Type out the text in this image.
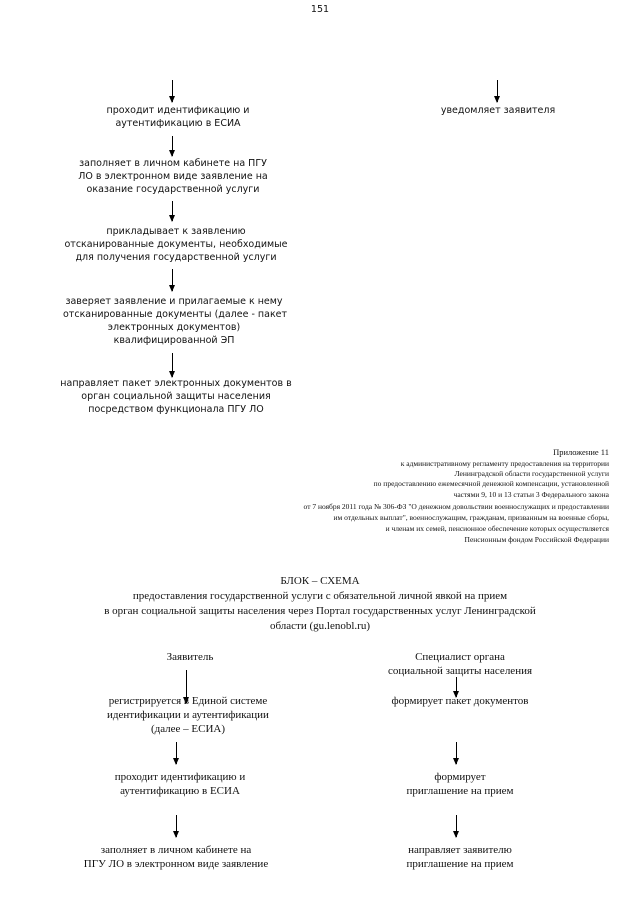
151
проходит идентификацию и
аутентификацию в ЕСИА
уведомляет заявителя
заполняет в личном кабинете на ПГУ
ЛО в электронном виде заявление на
оказание государственной услуги
прикладывает к заявлению
отсканированные документы, необходимые
для получения государственной услуги
заверяет заявление и прилагаемые к нему
отсканированные документы (далее - пакет
электронных документов)
квалифицированной ЭП
направляет пакет электронных документов в
орган социальной защиты населения
посредством функционала ПГУ ЛО
Приложение 11
к административному регламенту предоставления на территории
Ленинградской области государственной услуги
по предоставлению ежемесячной денежной компенсации, установленной
частями 9, 10 и 13 статьи 3 Федерального закона
от 7 ноября 2011 года № 306-ФЗ "О денежном довольствии военнослужащих и предоставлении
им отдельных выплат", военнослужащим, гражданам, призванным на военные сборы,
и членам их семей, пенсионное обеспечение которых осуществляется
Пенсионным фондом Российской Федерации
БЛОК – СХЕМА
предоставления государственной услуги с обязательной личной явкой на прием
в орган социальной защиты населения через Портал государственных услуг Ленинградской
области (gu.lenobl.ru)
Заявитель	Специалист органа
социальной защиты населения
регистрируется в Единой системе
идентификации и аутентификации
(далее – ЕСИА)
проходит идентификацию и
аутентификацию в ЕСИА
заполняет в личном кабинете на
ПГУ ЛО в электронном виде заявление
формирует пакет документов
формирует
приглашение на прием
направляет заявителю
приглашение на прием
